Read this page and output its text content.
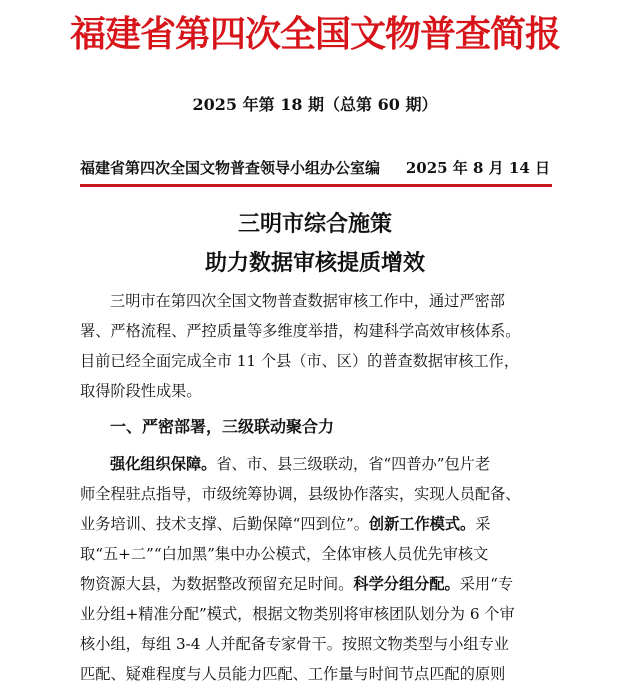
福建省第四次全国文物普查简报
2025 年第 18 期（总第 60 期）
福建省第四次全国文物普查领导小组办公室编 2025 年 8 月 14 日
三明市综合施策
助力数据审核提质增效
三明市在第四次全国文物普查数据审核工作中，通过严密部
署、严格流程、严控质量等多维度举措，构建科学高效审核体系。
目前已经全面完成全市 11 个县（市、区）的普查数据审核工作，
取得阶段性成果。
一、严密部署，三级联动聚合力
强化组织保障。省、市、县三级联动，省“四普办”包片老
师全程驻点指导，市级统筹协调，县级协作落实，实现人员配备、
业务培训、技术支撑、后勤保障“四到位”。创新工作模式。采
取“五+二”“白加黑”集中办公模式，全体审核人员优先审核文
物资源大县，为数据整改预留充足时间。科学分组分配。采用“专
业分组+精准分配”模式，根据文物类别将审核团队划分为 6 个审
核小组，每组 3-4 人并配备专家骨干。按照文物类型与小组专业
匹配、疑难程度与人员能力匹配、工作量与时间节点匹配的原则
